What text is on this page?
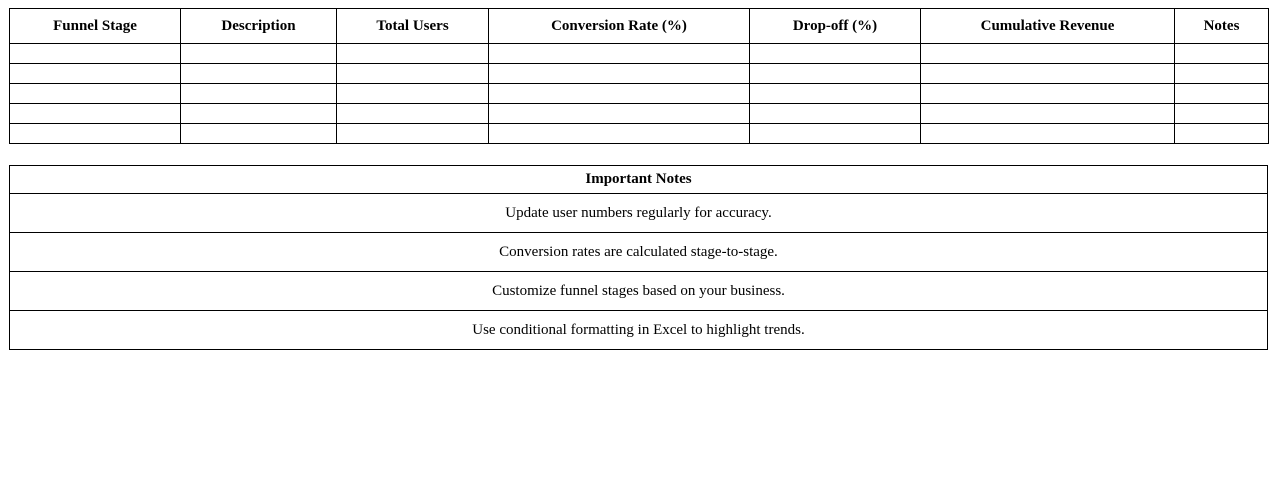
Funnel Stage	Description	Total Users	Conversion Rate (%)	Drop-off (%)	Cumulative Revenue	Notes

Important Notes
Update user numbers regularly for accuracy.
Conversion rates are calculated stage-to-stage.
Customize funnel stages based on your business.
Use conditional formatting in Excel to highlight trends.
